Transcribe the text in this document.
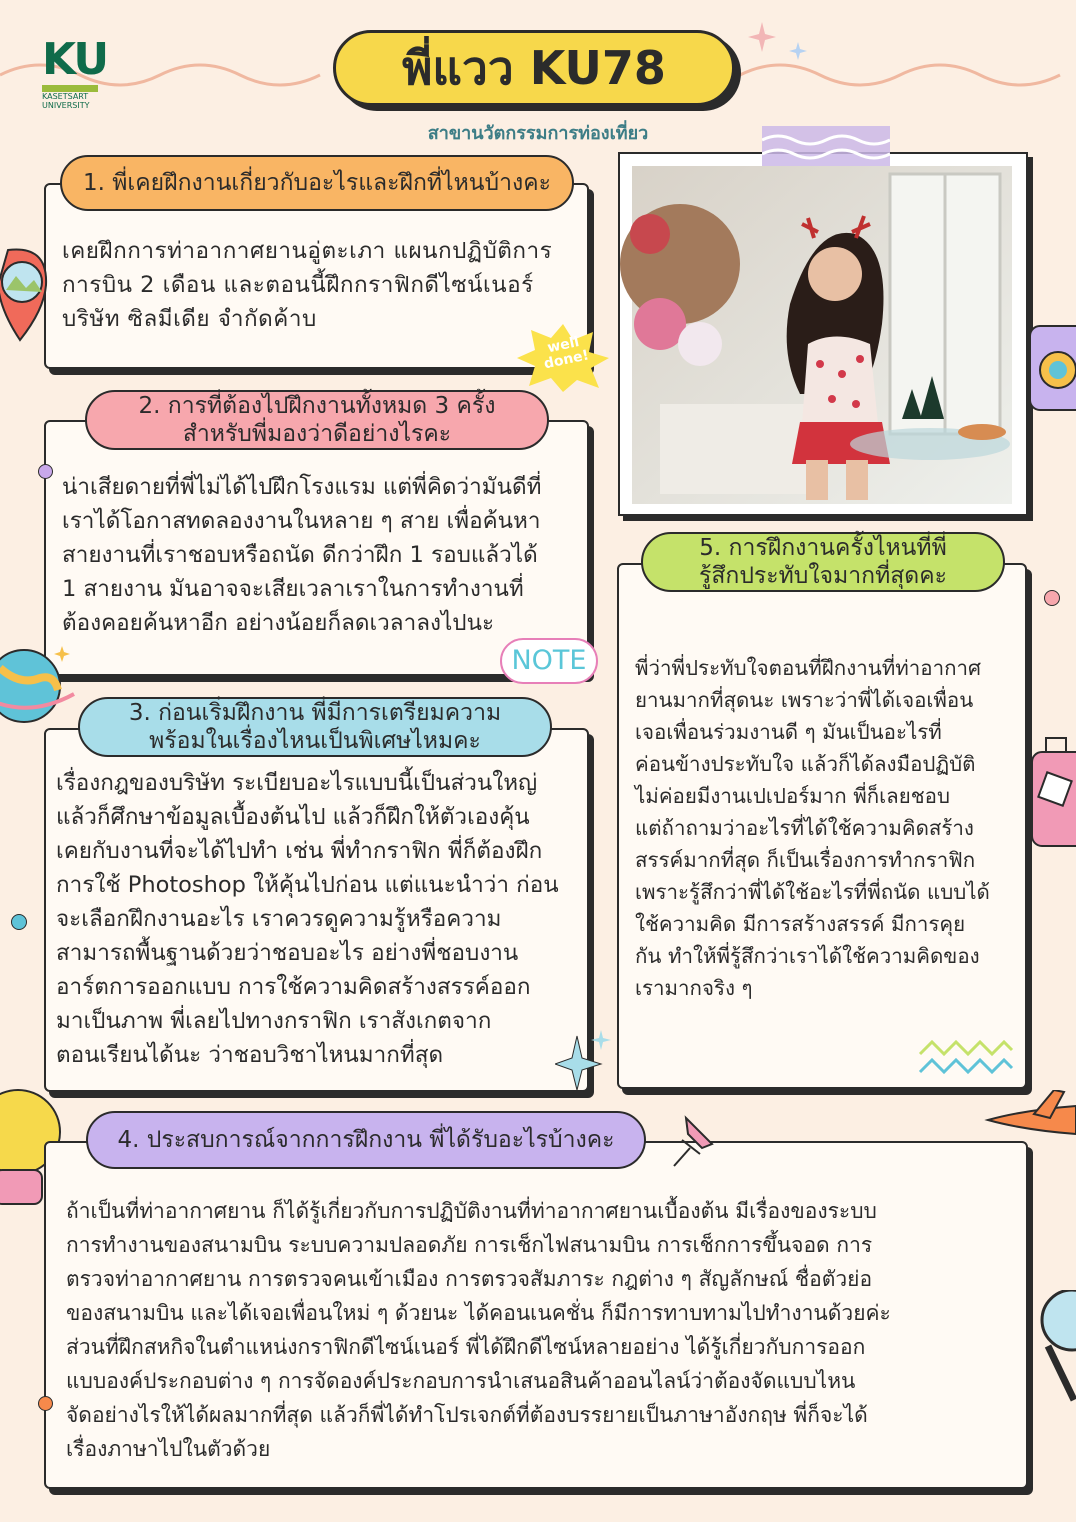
KU
KASETSART
UNIVERSITY
พี่แวว KU78
สาขานวัตกรรมการท่องเที่ยว
1. พี่เคยฝึกงานเกี่ยวกับอะไรและฝึกที่ไหนบ้างคะ
เคยฝึกการท่าอากาศยานอู่ตะเภา แผนกปฏิบัติการ
การบิน 2 เดือน และตอนนี้ฝึกกราฟิกดีไซน์เนอร์
บริษัท ซิลมีเดีย จำกัดค้าบ
well done!
2. การที่ต้องไปฝึกงานทั้งหมด 3 ครั้ง
สำหรับพี่มองว่าดีอย่างไรคะ
น่าเสียดายที่พี่ไม่ได้ไปฝึกโรงแรม แต่พี่คิดว่ามันดีที่
เราได้โอกาสทดลองงานในหลาย ๆ สาย เพื่อค้นหา
สายงานที่เราชอบหรือถนัด ดีกว่าฝึก 1 รอบแล้วได้
1 สายงาน มันอาจจะเสียเวลาเราในการทำงานที่
ต้องคอยค้นหาอีก อย่างน้อยก็ลดเวลาลงไปนะ
NOTE
3. ก่อนเริ่มฝึกงาน พี่มีการเตรียมความ
พร้อมในเรื่องไหนเป็นพิเศษไหมคะ
เรื่องกฎของบริษัท ระเบียบอะไรแบบนี้เป็นส่วนใหญ่
แล้วก็ศึกษาข้อมูลเบื้องต้นไป แล้วก็ฝึกให้ตัวเองคุ้น
เคยกับงานที่จะได้ไปทำ เช่น พี่ทำกราฟิก พี่ก็ต้องฝึก
การใช้ Photoshop ให้คุ้นไปก่อน แต่แนะนำว่า ก่อน
จะเลือกฝึกงานอะไร เราควรดูความรู้หรือความ
สามารถพื้นฐานด้วยว่าชอบอะไร อย่างพี่ชอบงาน
อาร์ตการออกแบบ การใช้ความคิดสร้างสรรค์ออก
มาเป็นภาพ พี่เลยไปทางกราฟิก เราสังเกตจาก
ตอนเรียนได้นะ ว่าชอบวิชาไหนมากที่สุด
5. การฝึกงานครั้งไหนที่พี่
รู้สึกประทับใจมากที่สุดคะ
พี่ว่าพี่ประทับใจตอนที่ฝึกงานที่ท่าอากาศ
ยานมากที่สุดนะ เพราะว่าพี่ได้เจอเพื่อน
เจอเพื่อนร่วมงานดี ๆ มันเป็นอะไรที่
ค่อนข้างประทับใจ แล้วก็ได้ลงมือปฏิบัติ
ไม่ค่อยมีงานเปเปอร์มาก พี่ก็เลยชอบ
แต่ถ้าถามว่าอะไรที่ได้ใช้ความคิดสร้าง
สรรค์มากที่สุด ก็เป็นเรื่องการทำกราฟิก
เพราะรู้สึกว่าพี่ได้ใช้อะไรที่พี่ถนัด แบบได้
ใช้ความคิด มีการสร้างสรรค์ มีการคุย
กัน ทำให้พี่รู้สึกว่าเราได้ใช้ความคิดของ
เรามากจริง ๆ
4. ประสบการณ์จากการฝึกงาน พี่ได้รับอะไรบ้างคะ
ถ้าเป็นที่ท่าอากาศยาน ก็ได้รู้เกี่ยวกับการปฏิบัติงานที่ท่าอากาศยานเบื้องต้น มีเรื่องของระบบ
การทำงานของสนามบิน ระบบความปลอดภัย การเช็กไฟสนามบิน การเช็กการขึ้นจอด การ
ตรวจท่าอากาศยาน การตรวจคนเข้าเมือง การตรวจสัมภาระ กฎต่าง ๆ สัญลักษณ์ ชื่อตัวย่อ
ของสนามบิน และได้เจอเพื่อนใหม่ ๆ ด้วยนะ ได้คอนเนคชั่น ก็มีการทาบทามไปทำงานด้วยค่ะ
ส่วนที่ฝึกสหกิจในตำแหน่งกราฟิกดีไซน์เนอร์ พี่ได้ฝึกดีไซน์หลายอย่าง ได้รู้เกี่ยวกับการออก
แบบองค์ประกอบต่าง ๆ การจัดองค์ประกอบการนำเสนอสินค้าออนไลน์ว่าต้องจัดแบบไหน
จัดอย่างไรให้ได้ผลมากที่สุด แล้วก็พี่ได้ทำโปรเจกต์ที่ต้องบรรยายเป็นภาษาอังกฤษ พี่ก็จะได้
เรื่องภาษาไปในตัวด้วย
